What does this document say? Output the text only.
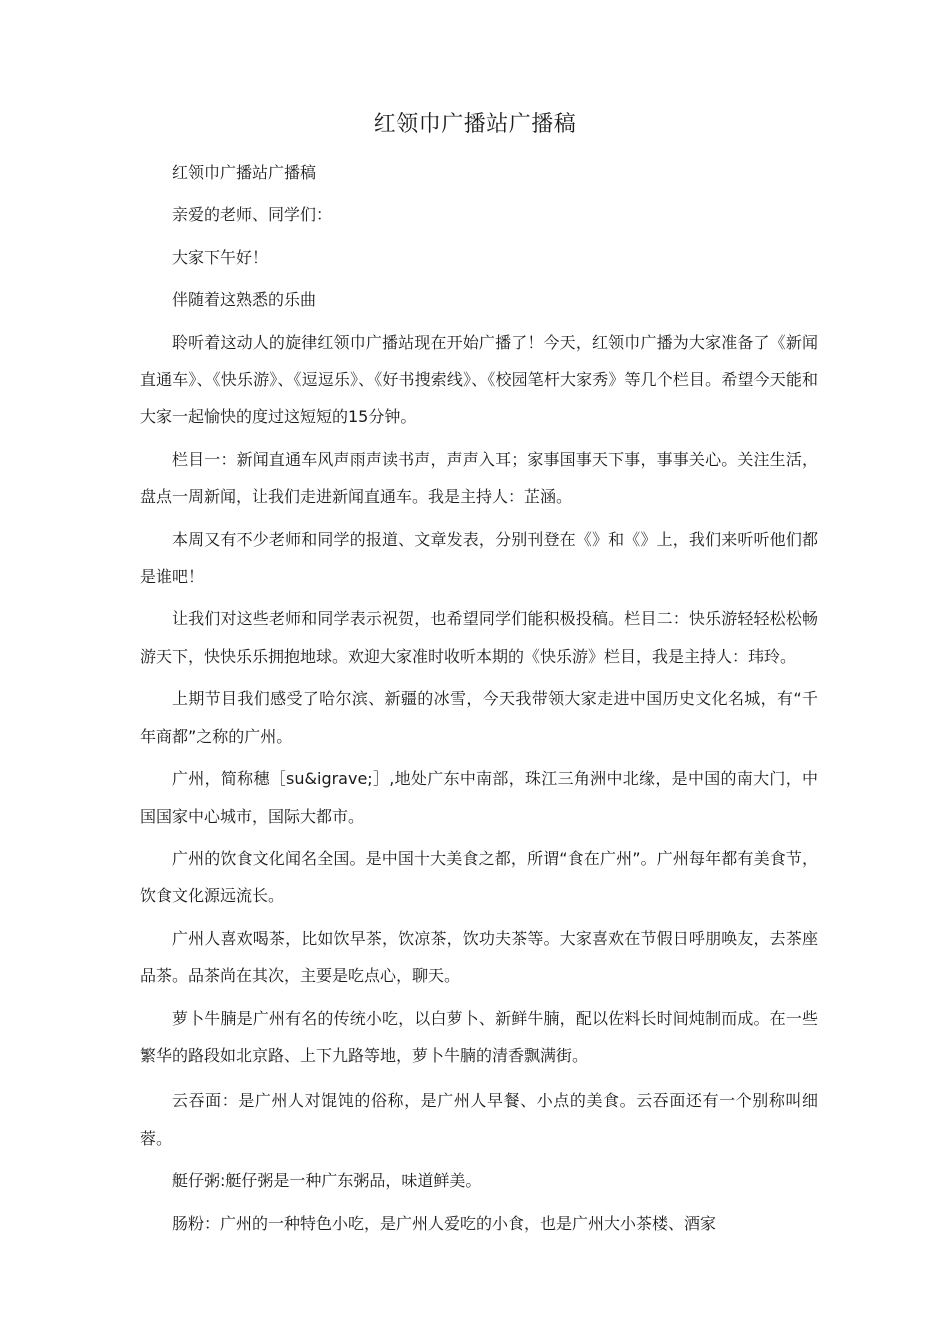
红领巾广播站广播稿

红领巾广播站广播稿

亲爱的老师、同学们：

大家下午好！

伴随着这熟悉的乐曲

聆听着这动人的旋律红领巾广播站现在开始广播了！今天，红领巾广播为大家准备了《新闻直通车》、《快乐游》、《逗逗乐》、《好书搜索线》、《校园笔杆大家秀》等几个栏目。希望今天能和大家一起愉快的度过这短短的15分钟。

栏目一：新闻直通车风声雨声读书声，声声入耳；家事国事天下事，事事关心。关注生活，盘点一周新闻，让我们走进新闻直通车。我是主持人：芷涵。

本周又有不少老师和同学的报道、文章发表，分别刊登在《》和《》上，我们来听听他们都是谁吧！

让我们对这些老师和同学表示祝贺，也希望同学们能积极投稿。栏目二：快乐游轻轻松松畅游天下，快快乐乐拥抱地球。欢迎大家准时收听本期的《快乐游》栏目，我是主持人：玮玲。

上期节目我们感受了哈尔滨、新疆的冰雪，今天我带领大家走进中国历史文化名城，有“千年商都”之称的广州。

广州，简称穗［su&igrave;］,地处广东中南部，珠江三角洲中北缘，是中国的南大门，中国国家中心城市，国际大都市。

广州的饮食文化闻名全国。是中国十大美食之都，所谓“食在广州”。广州每年都有美食节，饮食文化源远流长。

广州人喜欢喝茶，比如饮早茶，饮凉茶，饮功夫茶等。大家喜欢在节假日呼朋唤友，去茶座品茶。品茶尚在其次，主要是吃点心，聊天。

萝卜牛腩是广州有名的传统小吃，以白萝卜、新鲜牛腩，配以佐料长时间炖制而成。在一些繁华的路段如北京路、上下九路等地，萝卜牛腩的清香飘满街。

云吞面：是广州人对馄饨的俗称，是广州人早餐、小点的美食。云吞面还有一个别称叫细蓉。

艇仔粥:艇仔粥是一种广东粥品，味道鲜美。

肠粉：广州的一种特色小吃，是广州人爱吃的小食，也是广州大小茶楼、酒家
